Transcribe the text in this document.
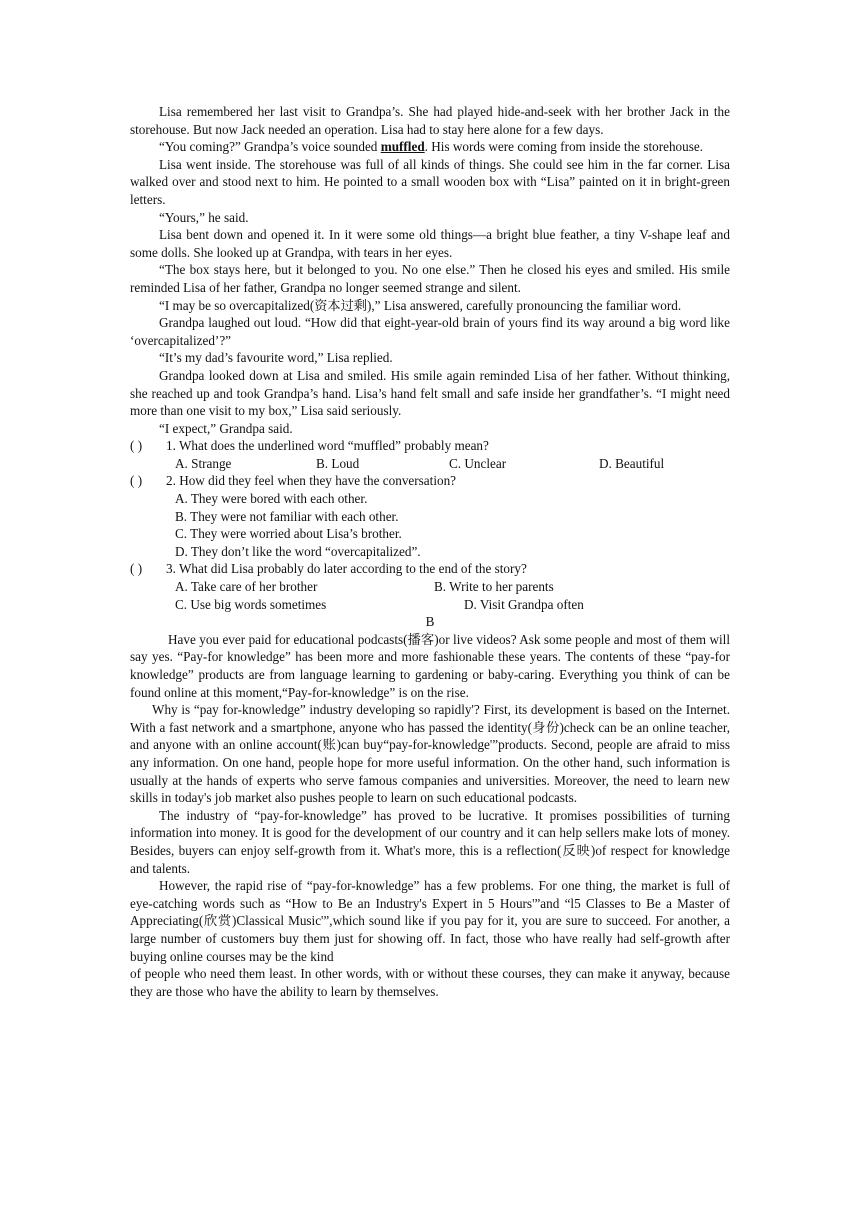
Lisa remembered her last visit to Grandpa’s. She had played hide-and-seek with her brother Jack in the storehouse. But now Jack needed an operation. Lisa had to stay here alone for a few days.

“You coming?” Grandpa’s voice sounded muffled. His words were coming from inside the storehouse.

Lisa went inside. The storehouse was full of all kinds of things. She could see him in the far corner. Lisa walked over and stood next to him. He pointed to a small wooden box with “Lisa” painted on it in bright-green letters.

“Yours,” he said.

Lisa bent down and opened it. In it were some old things—a bright blue feather, a tiny V-shape leaf and some dolls. She looked up at Grandpa, with tears in her eyes.

“The box stays here, but it belonged to you. No one else.” Then he closed his eyes and smiled. His smile reminded Lisa of her father, Grandpa no longer seemed strange and silent.

“I may be so overcapitalized(资本过剩),” Lisa answered, carefully pronouncing the familiar word.

Grandpa laughed out loud. “How did that eight-year-old brain of yours find its way around a big word like ‘overcapitalized’?”

“It’s my dad’s favourite word,” Lisa replied.

Grandpa looked down at Lisa and smiled. His smile again reminded Lisa of her father. Without thinking, she reached up and took Grandpa’s hand. Lisa’s hand felt small and safe inside her grandfather’s. “I might need more than one visit to my box,” Lisa said seriously.

“I expect,” Grandpa said.

( ) 1. What does the underlined word “muffled” probably mean?

A. Strange	B. Loud	C. Unclear	D. Beautiful

( ) 2. How did they feel when they have the conversation?

A. They were bored with each other.

B. They were not familiar with each other.

C. They were worried about Lisa’s brother.

D. They don’t like the word “overcapitalized”.

( ) 3. What did Lisa probably do later according to the end of the story?

A. Take care of her brother	B. Write to her parents
C. Use big words sometimes	D. Visit Grandpa often

B

Have you ever paid for educational podcasts(播客)or live videos? Ask some people and most of them will say yes. “Pay-for knowledge” has been more and more fashionable these years. The contents of these “pay-for knowledge” products are from language learning to gardening or baby-caring. Everything you think of can be found online at this moment,“Pay-for-knowledge” is on the rise.

Why is “pay for-knowledge” industry developing so rapidly'? First, its development is based on the Internet. With a fast network and a smartphone, anyone who has passed the identity(身份)check can be an online teacher, and anyone with an online account(账)can buy“pay-for-knowledge'”products. Second, people are afraid to miss any information. On one hand, people hope for more useful information. On the other hand, such information is usually at the hands of experts who serve famous companies and universities. Moreover, the need to learn new skills in today's job market also pushes people to learn on such educational podcasts.

The industry of “pay-for-knowledge” has proved to be lucrative. It promises possibilities of turning information into money. It is good for the development of our country and it can help sellers make lots of money. Besides, buyers can enjoy self-growth from it. What's more, this is a reflection(反映)of respect for knowledge and talents.

However, the rapid rise of “pay-for-knowledge” has a few problems. For one thing, the market is full of eye-catching words such as “How to Be an Industry's Expert in 5 Hours'”and “l5 Classes to Be a Master of Appreciating(欣赏)Classical Music'”,which sound like if you pay for it, you are sure to succeed. For another, a large number of customers buy them just for showing off. In fact, those who have really had self-growth after buying online courses may be the kind

of people who need them least. In other words, with or without these courses, they can make it anyway, because they are those who have the ability to learn by themselves.
